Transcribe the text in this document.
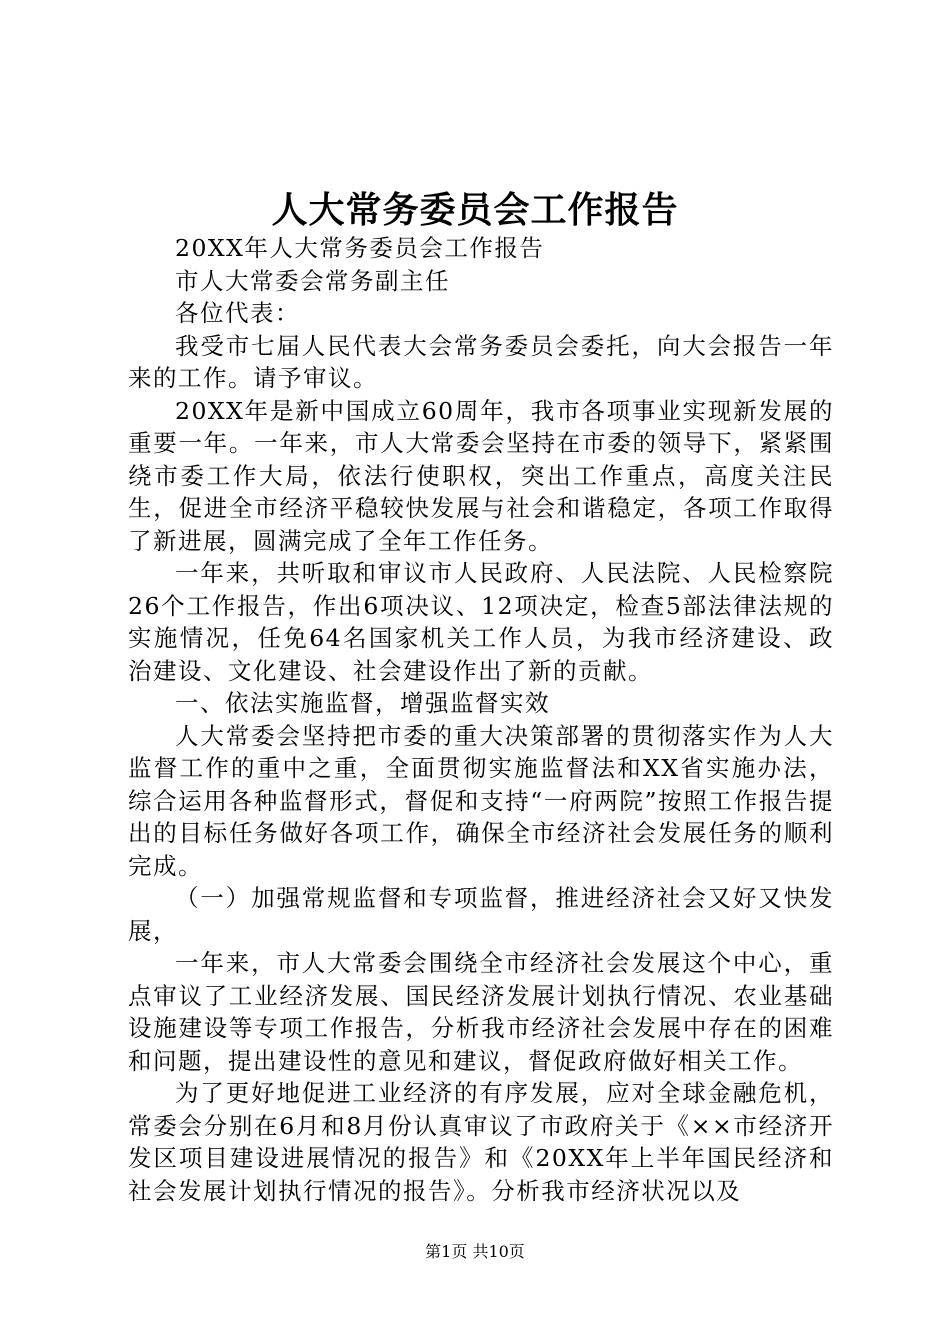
人大常务委员会工作报告

20XX年人大常务委员会工作报告

市人大常委会常务副主任

各位代表：

我受市七届人民代表大会常务委员会委托，向大会报告一年来的工作。请予审议。

20XX年是新中国成立60周年，我市各项事业实现新发展的重要一年。一年来，市人大常委会坚持在市委的领导下，紧紧围绕市委工作大局，依法行使职权，突出工作重点，高度关注民生，促进全市经济平稳较快发展与社会和谐稳定，各项工作取得了新进展，圆满完成了全年工作任务。

一年来，共听取和审议市人民政府、人民法院、人民检察院26个工作报告，作出6项决议、12项决定，检查5部法律法规的实施情况，任免64名国家机关工作人员，为我市经济建设、政治建设、文化建设、社会建设作出了新的贡献。

一、依法实施监督，增强监督实效

人大常委会坚持把市委的重大决策部署的贯彻落实作为人大监督工作的重中之重，全面贯彻实施监督法和XX省实施办法，综合运用各种监督形式，督促和支持“一府两院”按照工作报告提出的目标任务做好各项工作，确保全市经济社会发展任务的顺利完成。

（一）加强常规监督和专项监督，推进经济社会又好又快发展，

一年来，市人大常委会围绕全市经济社会发展这个中心，重点审议了工业经济发展、国民经济发展计划执行情况、农业基础设施建设等专项工作报告，分析我市经济社会发展中存在的困难和问题，提出建设性的意见和建议，督促政府做好相关工作。

为了更好地促进工业经济的有序发展，应对全球金融危机，常委会分别在6月和8月份认真审议了市政府关于《××市经济开发区项目建设进展情况的报告》和《20XX年上半年国民经济和社会发展计划执行情况的报告》。分析我市经济状况以及

第1页 共10页
